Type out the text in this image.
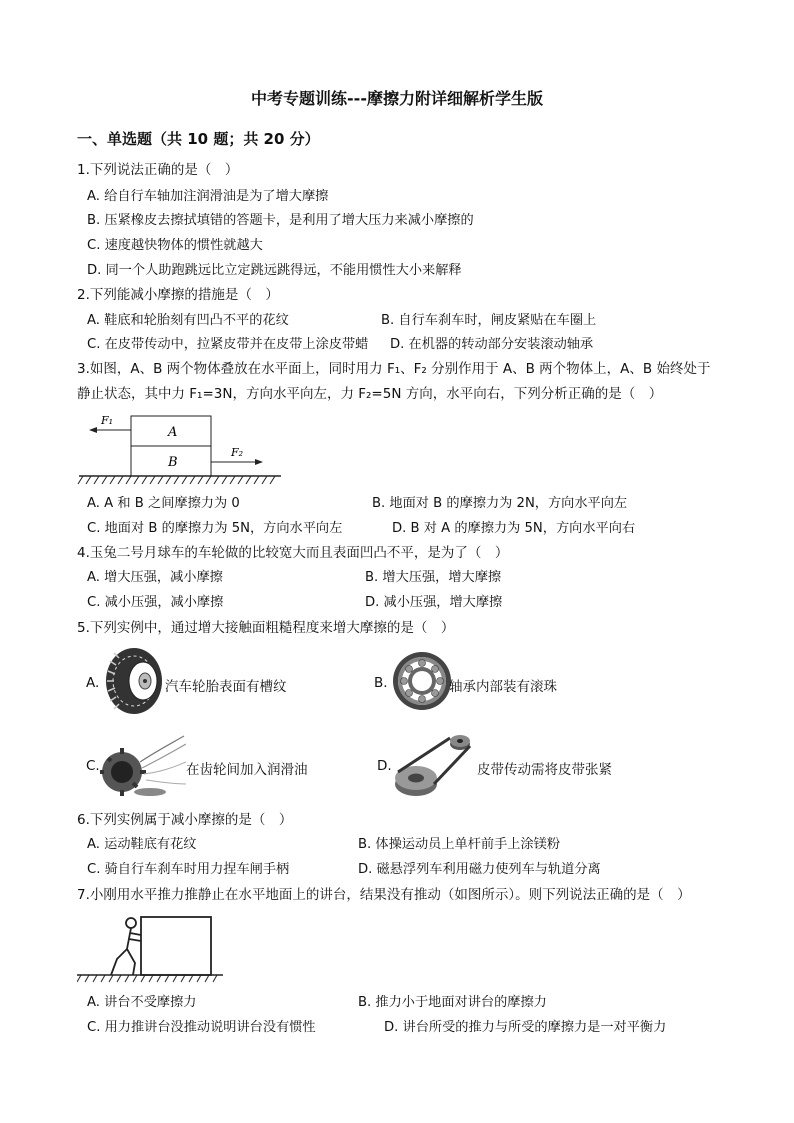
中考专题训练---摩擦力附详细解析学生版
一、单选题（共 10 题；共 20 分）
1.下列说法正确的是（　）
A. 给自行车轴加注润滑油是为了增大摩擦
B. 压紧橡皮去擦拭填错的答题卡，是利用了增大压力来减小摩擦的
C. 速度越快物体的惯性就越大
D. 同一个人助跑跳远比立定跳远跳得远，不能用惯性大小来解释
2.下列能减小摩擦的措施是（　）
A. 鞋底和轮胎刻有凹凸不平的花纹	B. 自行车刹车时，闸皮紧贴在车圈上
C. 在皮带传动中，拉紧皮带并在皮带上涂皮带蜡 D. 在机器的转动部分安装滚动轴承
3.如图，A、B 两个物体叠放在水平面上，同时用力 F₁、F₂ 分别作用于 A、B 两个物体上，A、B 始终处于静止状态，其中力 F₁=3N，方向水平向左，力 F₂=5N 方向，水平向右，下列分析正确的是（　）
A
B
F₁
F₂
A. A 和 B 之间摩擦力为 0	B. 地面对 B 的摩擦力为 2N，方向水平向左
C. 地面对 B 的摩擦力为 5N，方向水平向左	D. B 对 A 的摩擦力为 5N，方向水平向右
4.玉兔二号月球车的车轮做的比较宽大而且表面凹凸不平，是为了（　）
A. 增大压强，减小摩擦	B. 增大压强，增大摩擦
C. 减小压强，减小摩擦	D. 减小压强，增大摩擦
5.下列实例中，通过增大接触面粗糙程度来增大摩擦的是（　）
A.	汽车轮胎表面有槽纹	B.	轴承内部装有滚珠
C.	在齿轮间加入润滑油	D.	皮带传动需将皮带张紧
6.下列实例属于减小摩擦的是（　）
A. 运动鞋底有花纹	B. 体操运动员上单杆前手上涂镁粉
C. 骑自行车刹车时用力捏车闸手柄	D. 磁悬浮列车利用磁力使列车与轨道分离
7.小刚用水平推力推静止在水平地面上的讲台，结果没有推动（如图所示）。则下列说法正确的是（　）
A. 讲台不受摩擦力	B. 推力小于地面对讲台的摩擦力
C. 用力推讲台没推动说明讲台没有惯性	D. 讲台所受的推力与所受的摩擦力是一对平衡力
